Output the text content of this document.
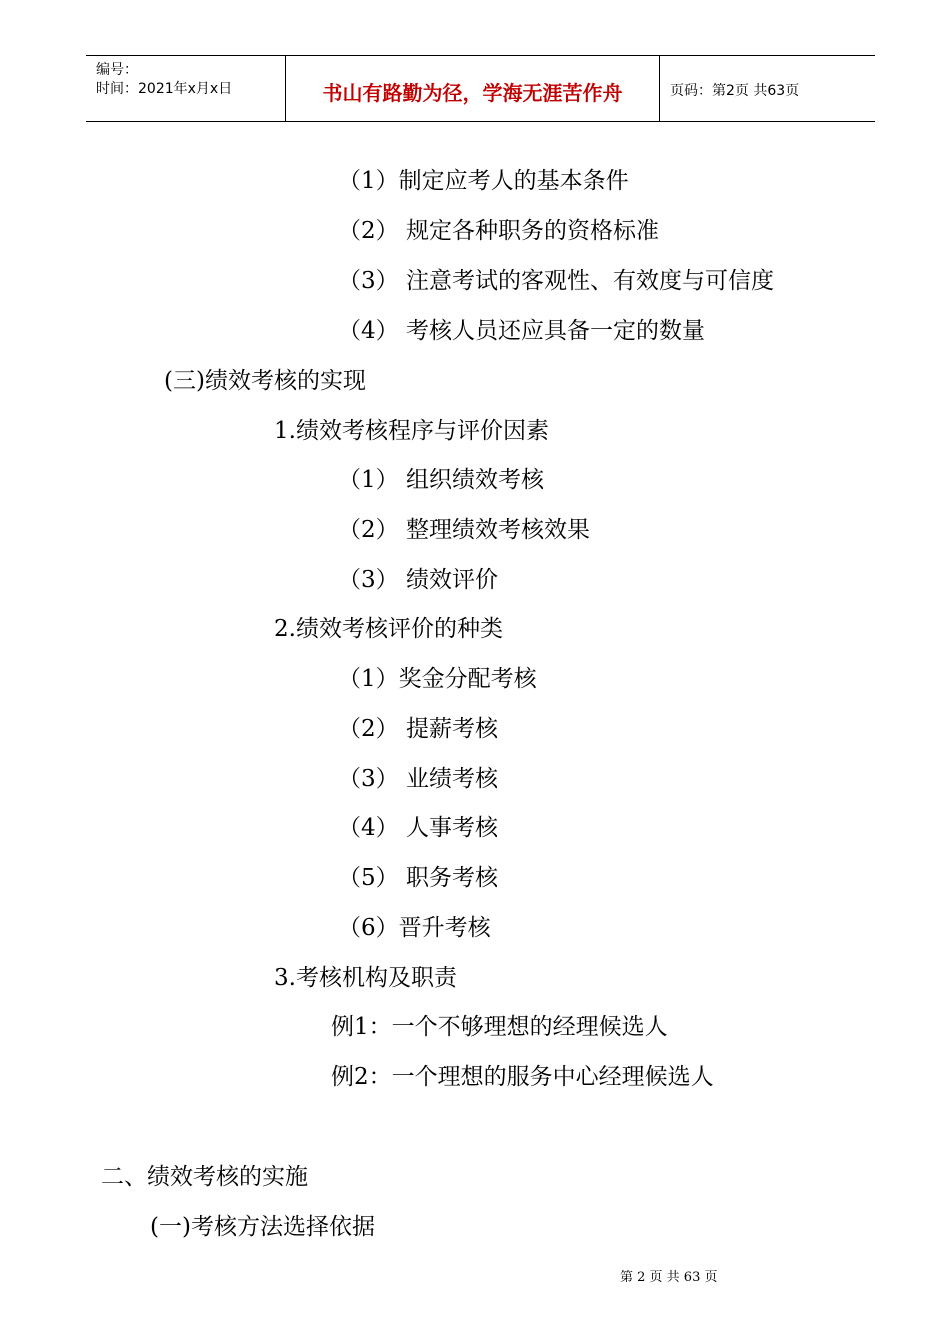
编号：
时间：2021年x月x日	书山有路勤为径，学海无涯苦作舟	页码：第2页 共63页
（1）制定应考人的基本条件
（2） 规定各种职务的资格标准
（3） 注意考试的客观性、有效度与可信度
（4） 考核人员还应具备一定的数量
(三)绩效考核的实现
1.绩效考核程序与评价因素
（1） 组织绩效考核
（2） 整理绩效考核效果
（3） 绩效评价
2.绩效考核评价的种类
（1）奖金分配考核
（2） 提薪考核
（3） 业绩考核
（4） 人事考核
（5） 职务考核
（6）晋升考核
3.考核机构及职责
例1：一个不够理想的经理候选人
例2：一个理想的服务中心经理候选人
二、绩效考核的实施
(一)考核方法选择依据
第 2 页 共 63 页
